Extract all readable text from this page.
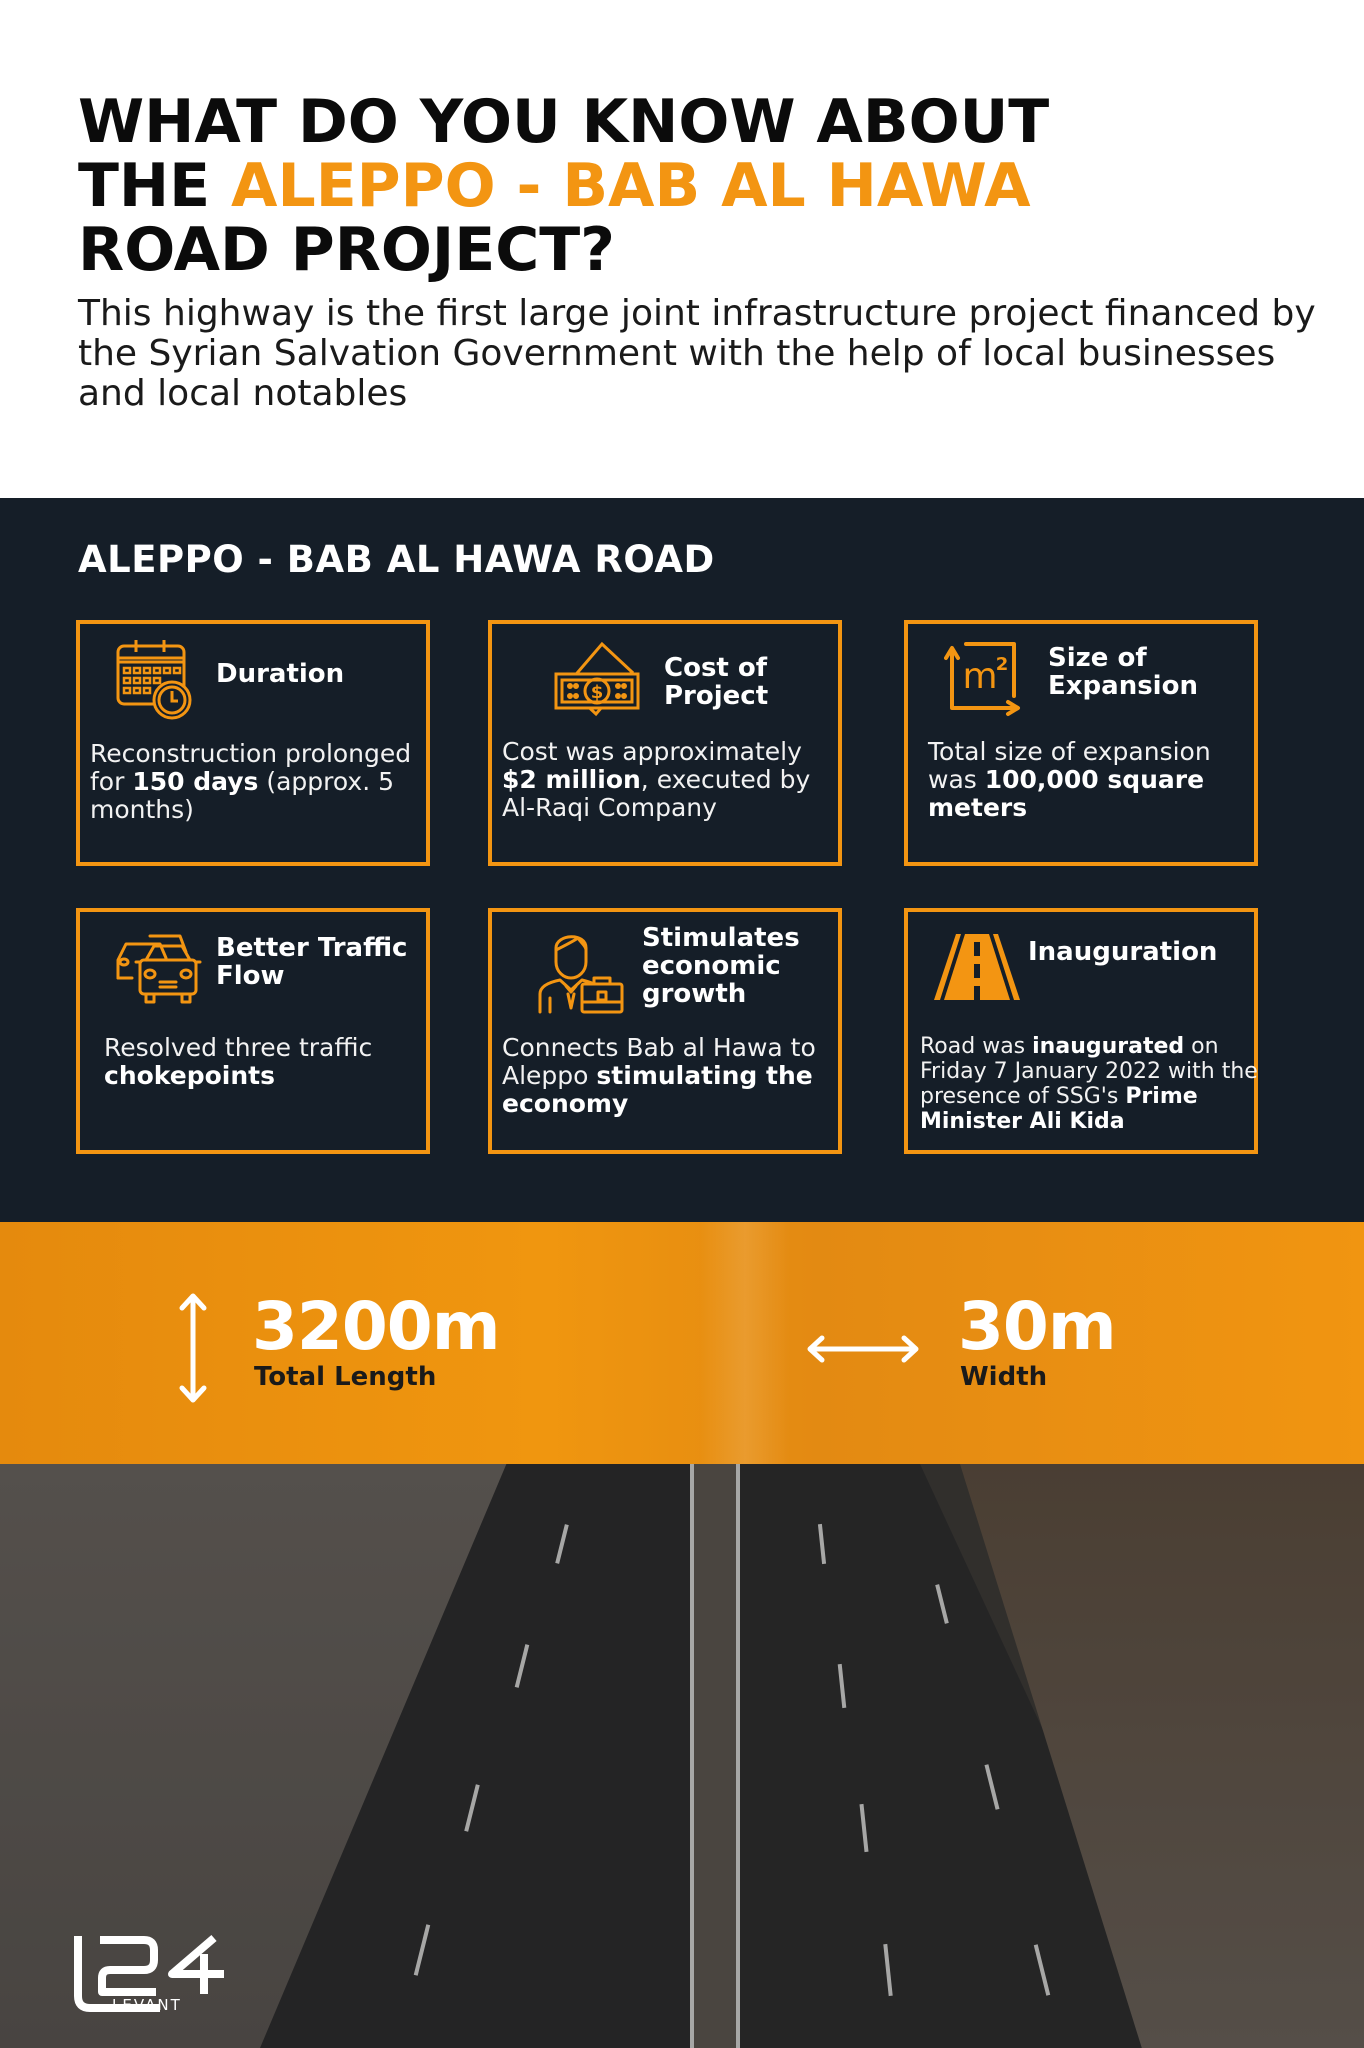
WHAT DO YOU KNOW ABOUT
THE ALEPPO - BAB AL HAWA
ROAD PROJECT?

This highway is the first large joint infrastructure project financed by the Syrian Salvation Government with the help of local businesses and local notables

ALEPPO - BAB AL HAWA ROAD
Duration
Reconstruction prolonged for 150 days (approx. 5 months)
$
Cost of Project
Cost was approximately $2 million, executed by Al-Raqi Company
m
2 Size of Expansion
Total size of expansion was 100,000 square meters
Better Traffic Flow
Resolved three traffic chokepoints
Stimulates economic growth
Connects Bab al Hawa to Aleppo stimulating the economy
Inauguration
Road was inaugurated on Friday 7 January 2022 with the presence of SSG's Prime Minister Ali Kida
3200m
Total Length
30m
Width
LEVANT
